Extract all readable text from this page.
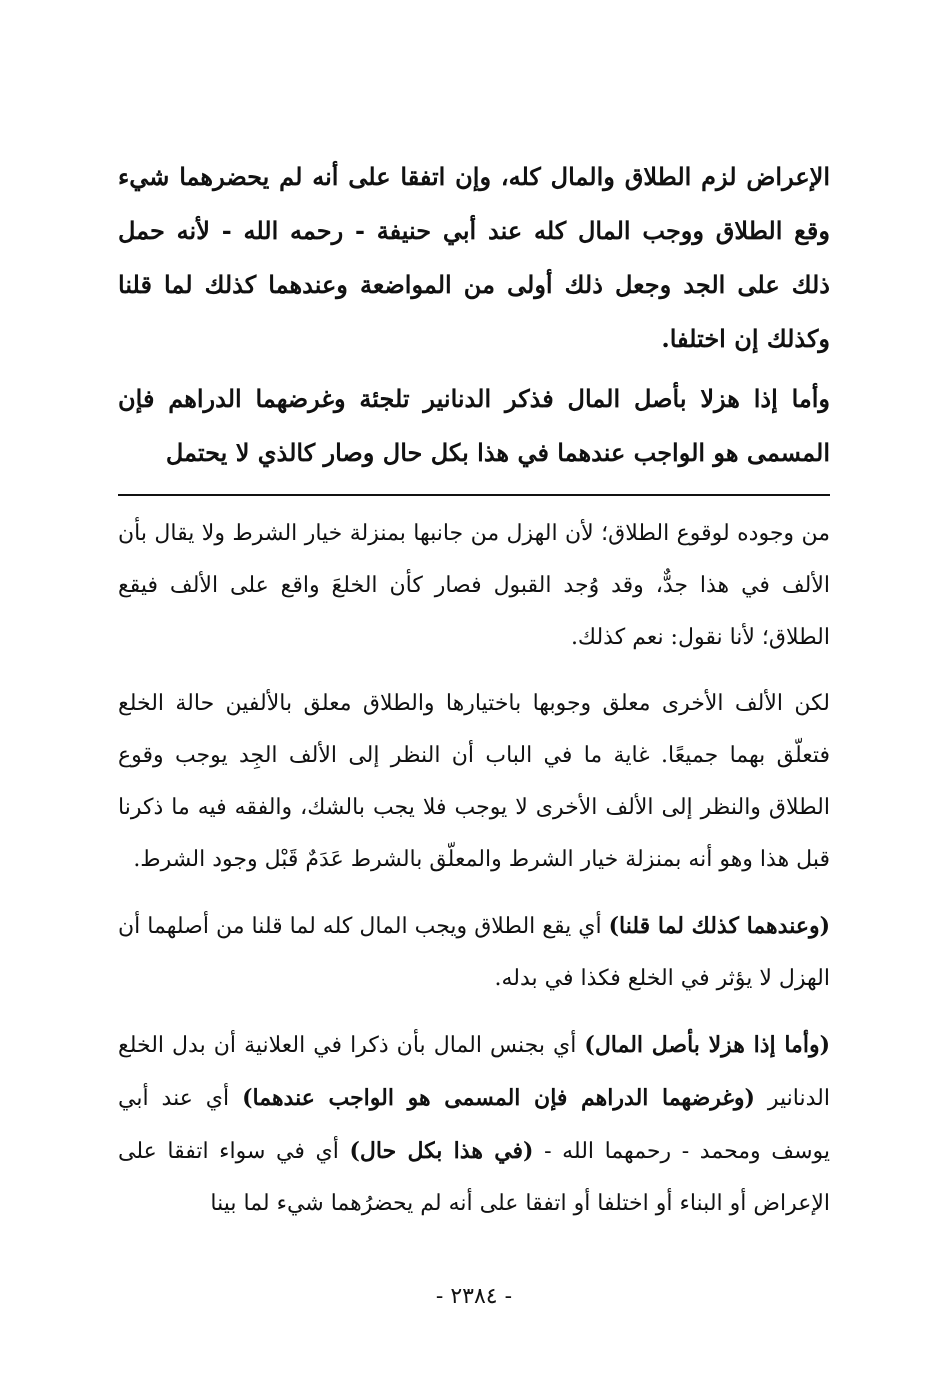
الإعراض لزم الطلاق والمال كله، وإن اتفقا على أنه لم يحضرهما شيء وقع الطلاق ووجب المال كله عند أبي حنيفة - رحمه الله - لأنه حمل ذلك على الجد وجعل ذلك أولى من المواضعة وعندهما كذلك لما قلنا وكذلك إن اختلفا.

وأما إذا هزلا بأصل المال فذكر الدنانير تلجئة وغرضهما الدراهم فإن المسمى هو الواجب عندهما في هذا بكل حال وصار كالذي لا يحتمل

من وجوده لوقوع الطلاق؛ لأن الهزل من جانبها بمنزلة خيار الشرط ولا يقال بأن الألف في هذا جدٌّ، وقد وُجد القبول فصار كأن الخلعَ واقع على الألف فيقع الطلاق؛ لأنا نقول: نعم كذلك.

لكن الألف الأخرى معلق وجوبها باختيارها والطلاق معلق بالألفين حالة الخلع فتعلّق بهما جميعًا. غاية ما في الباب أن النظر إلى الألف الجِد يوجب وقوع الطلاق والنظر إلى الألف الأخرى لا يوجب فلا يجب بالشك، والفقه فيه ما ذكرنا قبل هذا وهو أنه بمنزلة خيار الشرط والمعلّق بالشرط عَدَمٌ قَبْل وجود الشرط.

(وعندهما كذلك لما قلنا) أي يقع الطلاق ويجب المال كله لما قلنا من أصلهما أن الهزل لا يؤثر في الخلع فكذا في بدله.

(وأما إذا هزلا بأصل المال) أي بجنس المال بأن ذكرا في العلانية أن بدل الخلع الدنانير (وغرضهما الدراهم فإن المسمى هو الواجب عندهما) أي عند أبي يوسف ومحمد - رحمهما الله - (في هذا بكل حال) أي في سواء اتفقا على الإعراض أو البناء أو اختلفا أو اتفقا على أنه لم يحضرُهما شيء لما بينا

- ٢٣٨٤ -
